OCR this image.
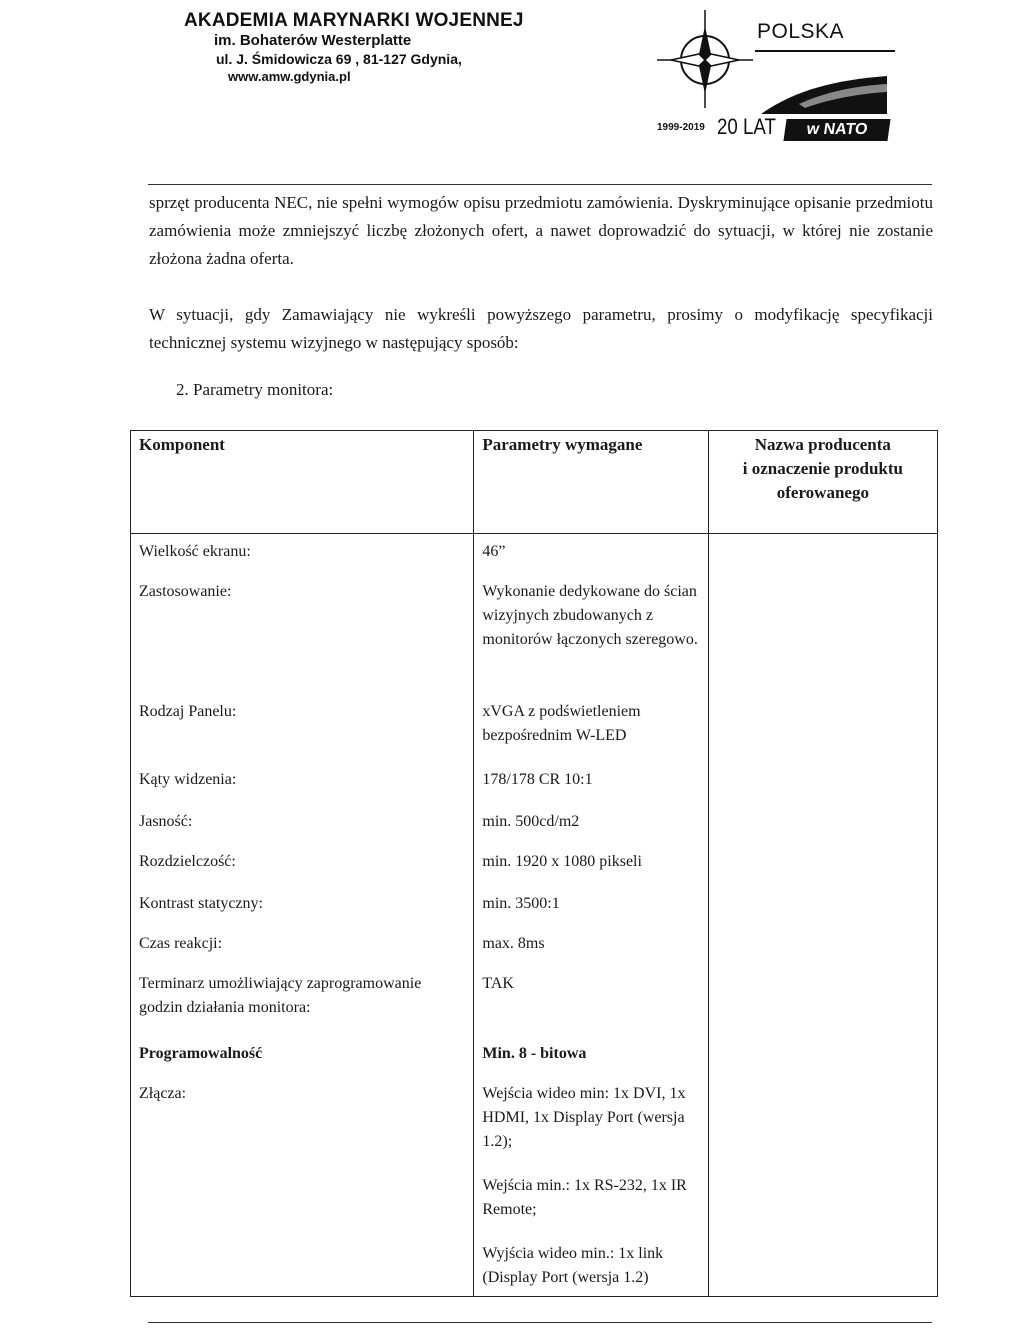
AKADEMIA MARYNARKI WOJENNEJ
im. Bohaterów Westerplatte
ul. J. Śmidowicza 69 , 81-127 Gdynia,
www.amw.gdynia.pl
POLSKA
1999-2019 20 LAT	w NATO
sprzęt producenta NEC, nie spełni wymogów opisu przedmiotu zamówienia. Dyskryminujące opisanie przedmiotu zamówienia może zmniejszyć liczbę złożonych ofert, a nawet doprowadzić do sytuacji, w której nie zostanie złożona żadna oferta.
W sytuacji, gdy Zamawiający nie wykreśli powyższego parametru, prosimy o modyfikację specyfikacji technicznej systemu wizyjnego w następujący sposób:
2. Parametry monitora:
Komponent	Parametry wymagane	Nazwa producenta
i oznaczenie produktu
oferowanego

Wielkość ekranu:	46”	
Zastosowanie:	Wykonanie dedykowane do ścian wizyjnych zbudowanych z monitorów łączonych szeregowo.	
Rodzaj Panelu:	xVGA z podświetleniem bezpośrednim W-LED	
Kąty widzenia:	178/178 CR 10:1	
Jasność:	min. 500cd/m2	
Rozdzielczość:	min. 1920 x 1080 pikseli	
Kontrast statyczny:	min. 3500:1	
Czas reakcji:	max. 8ms	
Terminarz umożliwiający zaprogramowanie godzin działania monitora:	TAK	
Programowalność	Min. 8 - bitowa	
Złącza:	Wejścia wideo min: 1x DVI, 1x HDMI, 1x Display Port (wersja 1.2);
Wejścia min.: 1x RS-232, 1x IR Remote;
Wyjścia wideo min.: 1x link (Display Port (wersja 1.2)	
